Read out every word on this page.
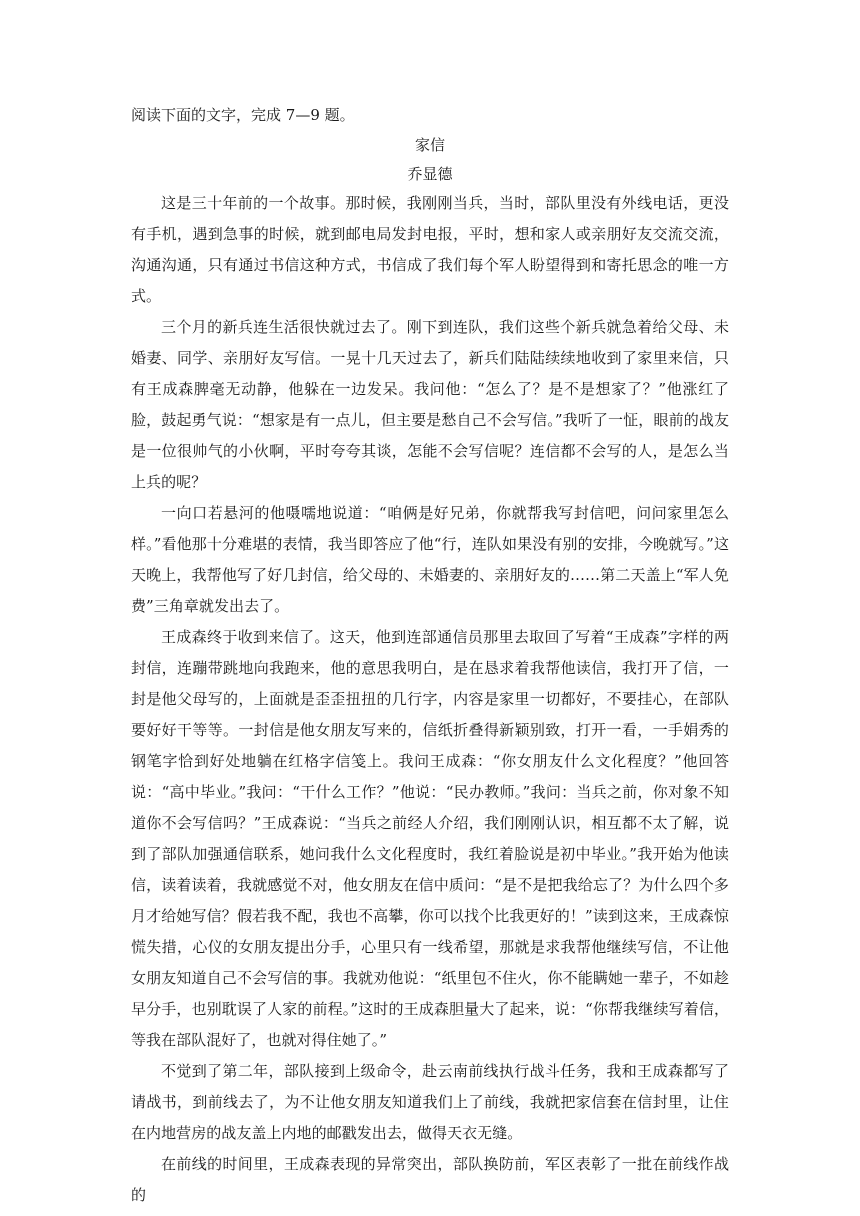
阅读下面的文字，完成 7—9 题。

家信

乔显德

这是三十年前的一个故事。那时候，我刚刚当兵，当时，部队里没有外线电话，更没有手机，遇到急事的时候，就到邮电局发封电报，平时，想和家人或亲朋好友交流交流，沟通沟通，只有通过书信这种方式，书信成了我们每个军人盼望得到和寄托思念的唯一方式。

三个月的新兵连生活很快就过去了。刚下到连队，我们这些个新兵就急着给父母、未婚妻、同学、亲朋好友写信。一晃十几天过去了，新兵们陆陆续续地收到了家里来信，只有王成森脾毫无动静，他躲在一边发呆。我问他：“怎么了？是不是想家了？”他涨红了脸，鼓起勇气说：“想家是有一点儿，但主要是愁自己不会写信。”我听了一怔，眼前的战友是一位很帅气的小伙啊，平时夸夸其谈，怎能不会写信呢？连信都不会写的人，是怎么当上兵的呢？

一向口若悬河的他嗫嚅地说道：“咱俩是好兄弟，你就帮我写封信吧，问问家里怎么样。”看他那十分难堪的表情，我当即答应了他“行，连队如果没有别的安排，今晚就写。”这天晚上，我帮他写了好几封信，给父母的、未婚妻的、亲朋好友的……第二天盖上“军人免费”三角章就发出去了。

王成森终于收到来信了。这天，他到连部通信员那里去取回了写着“王成森”字样的两封信，连蹦带跳地向我跑来，他的意思我明白，是在恳求着我帮他读信，我打开了信，一封是他父母写的，上面就是歪歪扭扭的几行字，内容是家里一切都好，不要挂心，在部队要好好干等等。一封信是他女朋友写来的，信纸折叠得新颖别致，打开一看，一手娟秀的钢笔字恰到好处地躺在红格字信笺上。我问王成森：“你女朋友什么文化程度？”他回答说：“高中毕业。”我问：“干什么工作？”他说：“民办教师。”我问：当兵之前，你对象不知道你不会写信吗？”王成森说：“当兵之前经人介绍，我们刚刚认识，相互都不太了解，说到了部队加强通信联系，她问我什么文化程度时，我红着脸说是初中毕业。”我开始为他读信，读着读着，我就感觉不对，他女朋友在信中质问：“是不是把我给忘了？为什么四个多月才给她写信？假若我不配，我也不高攀，你可以找个比我更好的！”读到这来，王成森惊慌失措，心仪的女朋友提出分手，心里只有一线希望，那就是求我帮他继续写信，不让他女朋友知道自己不会写信的事。我就劝他说：“纸里包不住火，你不能瞒她一辈子，不如趁早分手，也别耽误了人家的前程。”这时的王成森胆量大了起来，说：“你帮我继续写着信，等我在部队混好了，也就对得住她了。”

不觉到了第二年，部队接到上级命令，赴云南前线执行战斗任务，我和王成森都写了请战书，到前线去了，为不让他女朋友知道我们上了前线，我就把家信套在信封里，让住在内地营房的战友盖上内地的邮戳发出去，做得天衣无缝。

在前线的时间里，王成森表现的异常突出，部队换防前，军区表彰了一批在前线作战的
